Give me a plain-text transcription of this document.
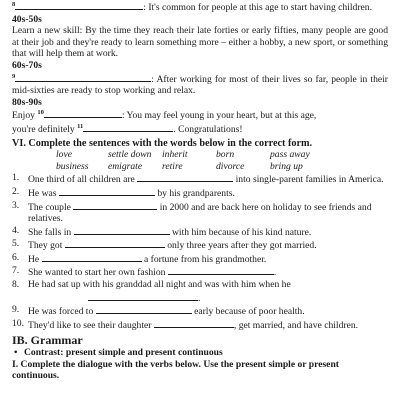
$^8$	: It's common for people at this age to start having children.
40s-50s
Learn a new skill: By the time they reach their late forties or early fifties, many people are good at their job and they're ready to learn something more – either a hobby, a new sport, or something that will help them at work.
60s-70s
$^9$	: After working for most of their lives so far, people in their mid-sixties are ready to stop working and relax.
80s-90s
Enjoy $^{10}$	: You may feel young in your heart, but at this age,
you're definitely $^{11}$	. Congratulations!
VI. Complete the sentences with the words below in the correct form.
love	settle down	inherit	born	pass away
business	emigrate	retire	divorce	bring up
1. One third of all children are	into single-parent families in America.
2. He was	by his grandparents.
3. The couple	in 2000 and are back here on holiday to see friends and relatives.
4. She falls in	with him because of his kind nature.
5. They got	only three years after they got married.
6. He	a fortune from his grandmother.
7. She wanted to start her own fashion	.
8. He had sat up with his granddad all night and was with him when he
.
9. He was forced to	early because of poor health.
10. They'd like to see their daughter	, get married, and have children.
IB. Grammar
• Contrast: present simple and present continuous
I. Complete the dialogue with the verbs below. Use the present simple or present continuous.
